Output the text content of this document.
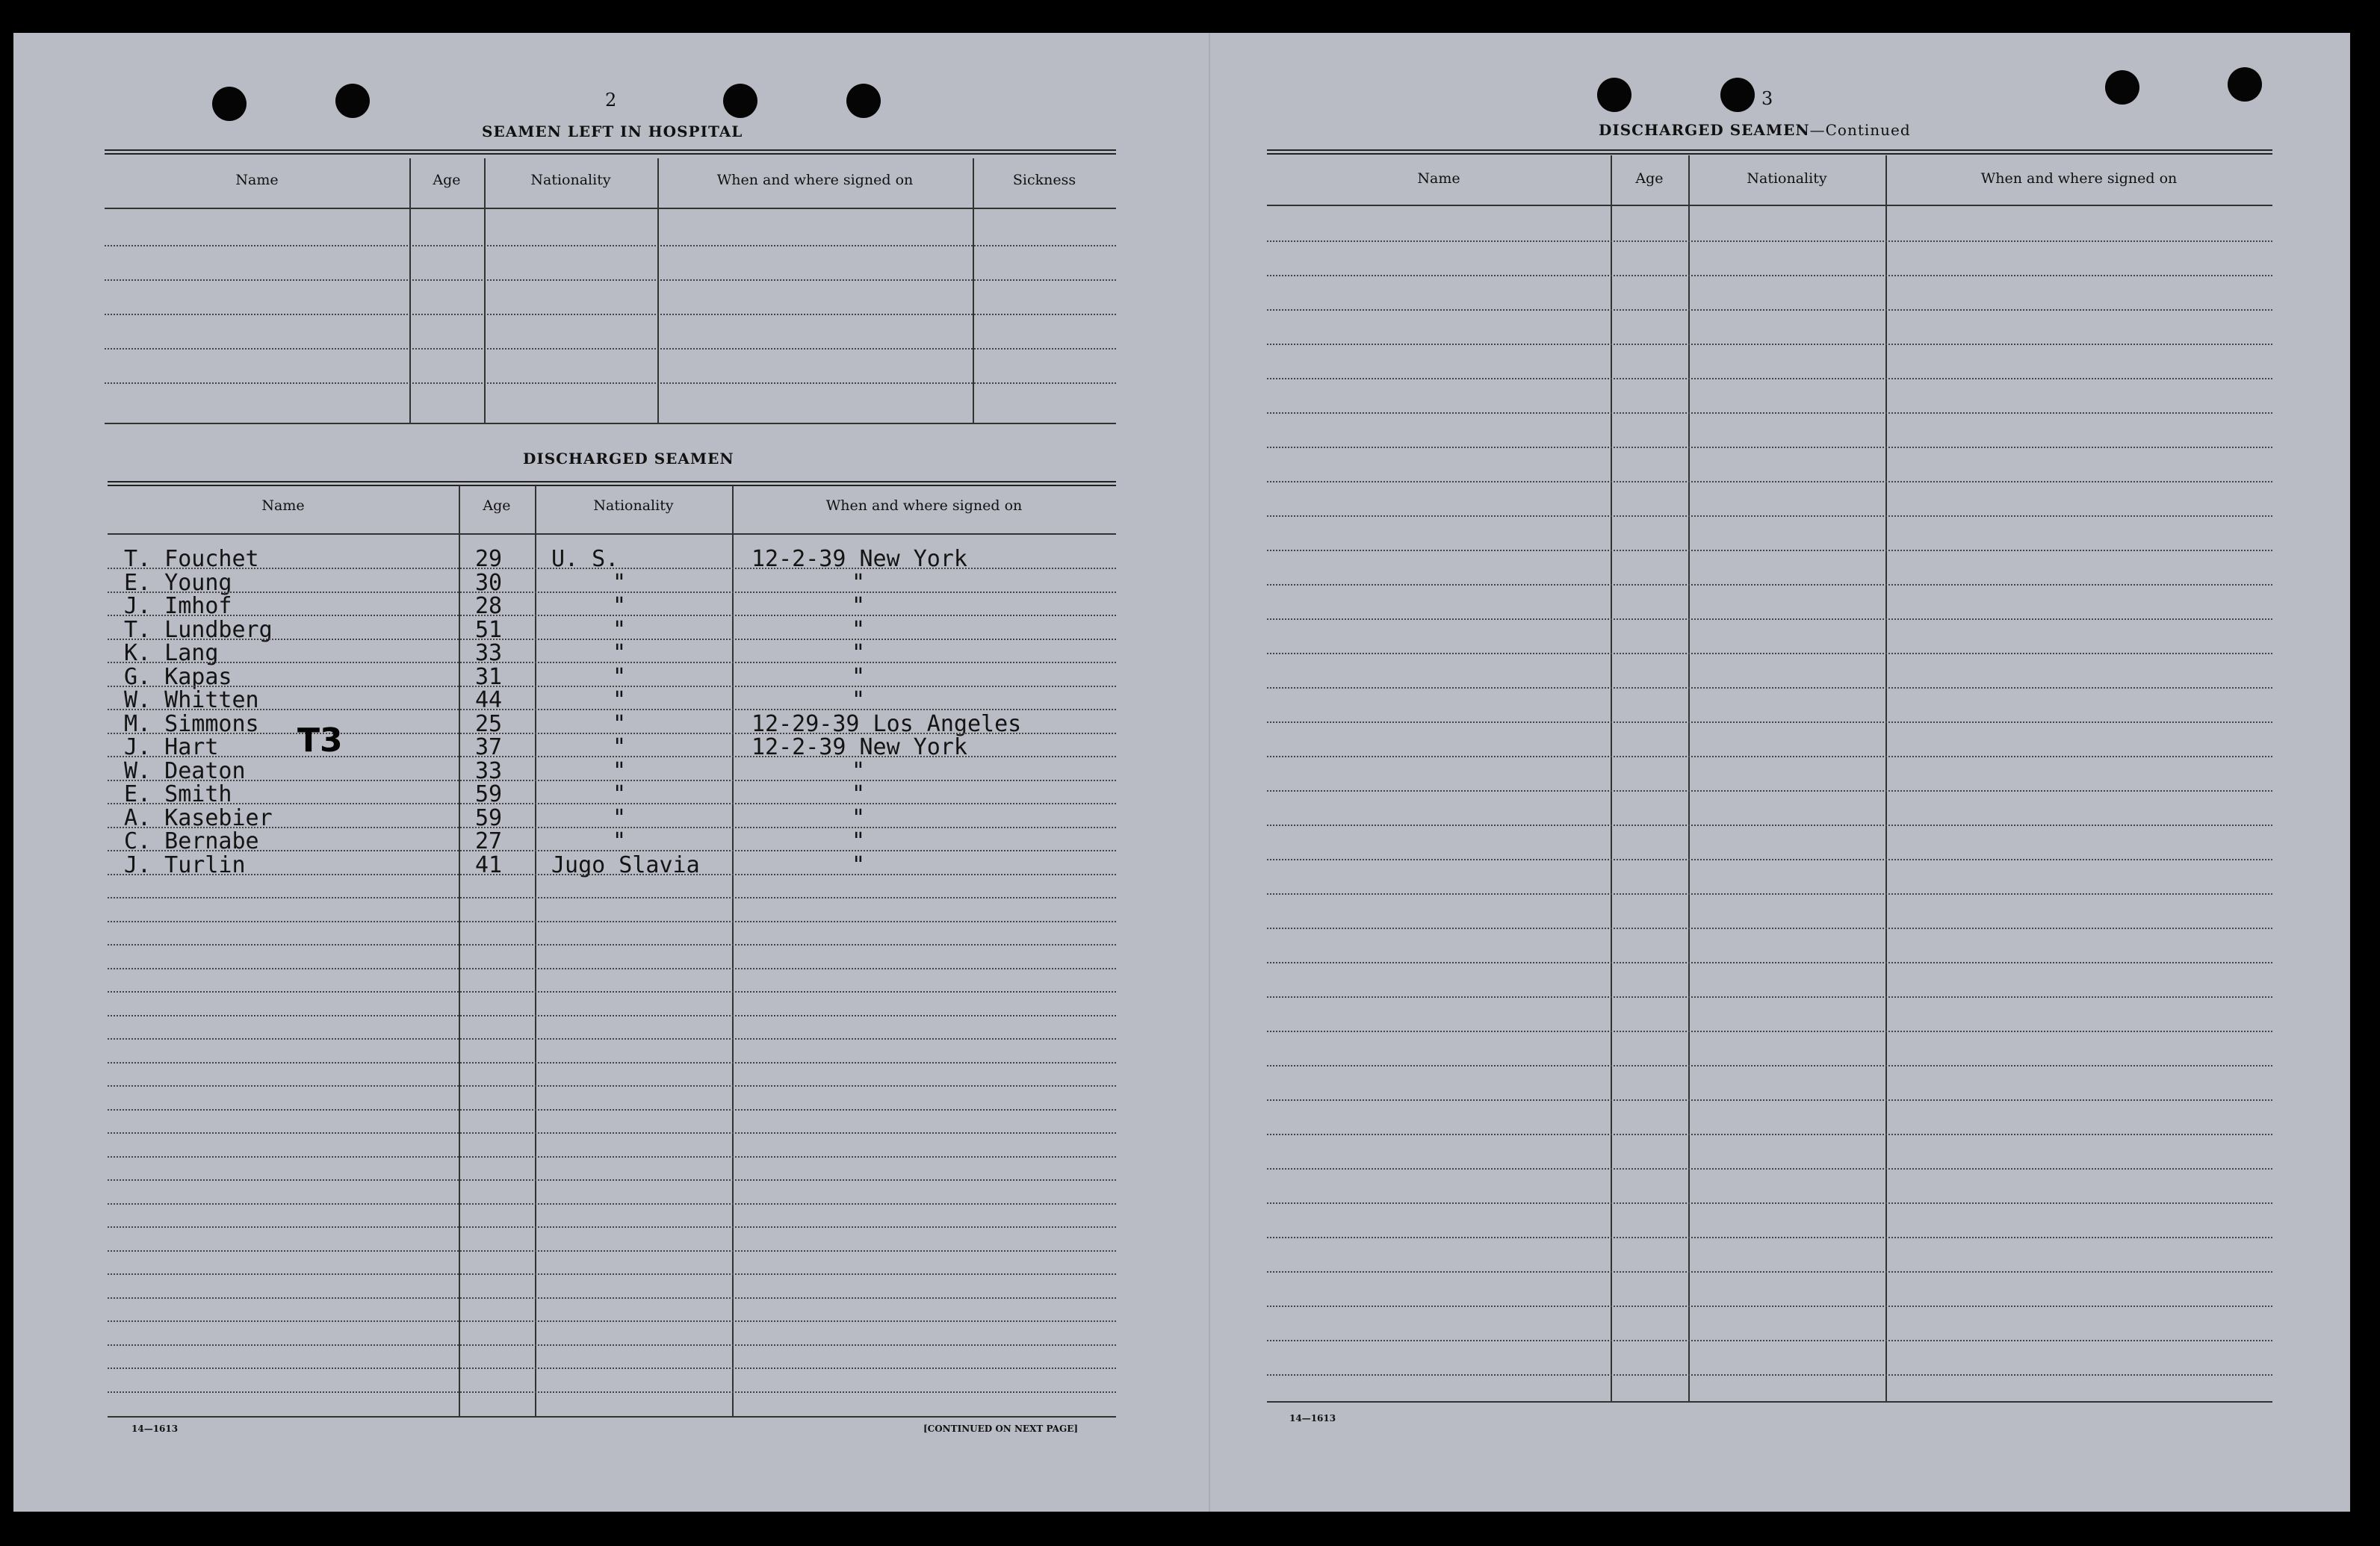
2
SEAMEN LEFT IN HOSPITAL
Name	Age	Nationality	When and where signed on	Sickness
DISCHARGED SEAMEN
Name	Age	Nationality	When and where signed on
T. Fouchet	29 U. S.	12-2-39 New York
E. Young	30	"	"
J. Imhof	28	"	"
T. Lundberg	51	"	"
K. Lang	33	"	"
G. Kapas	31	"	"
W. Whitten	44	"	"
M. Simmons	25	"	12-29-39 Los Angeles
J. Hart	37	"	12-2-39 New York
W. Deaton	33	"	"
E. Smith	59	"	"
A. Kasebier	59	"	"
C. Bernabe	27	"	"
J. Turlin	41 Jugo Slavia	"
T3
14—1613	[CONTINUED ON NEXT PAGE]
3
DISCHARGED SEAMEN—Continued
Name	Age	Nationality	When and where signed on
14—1613
